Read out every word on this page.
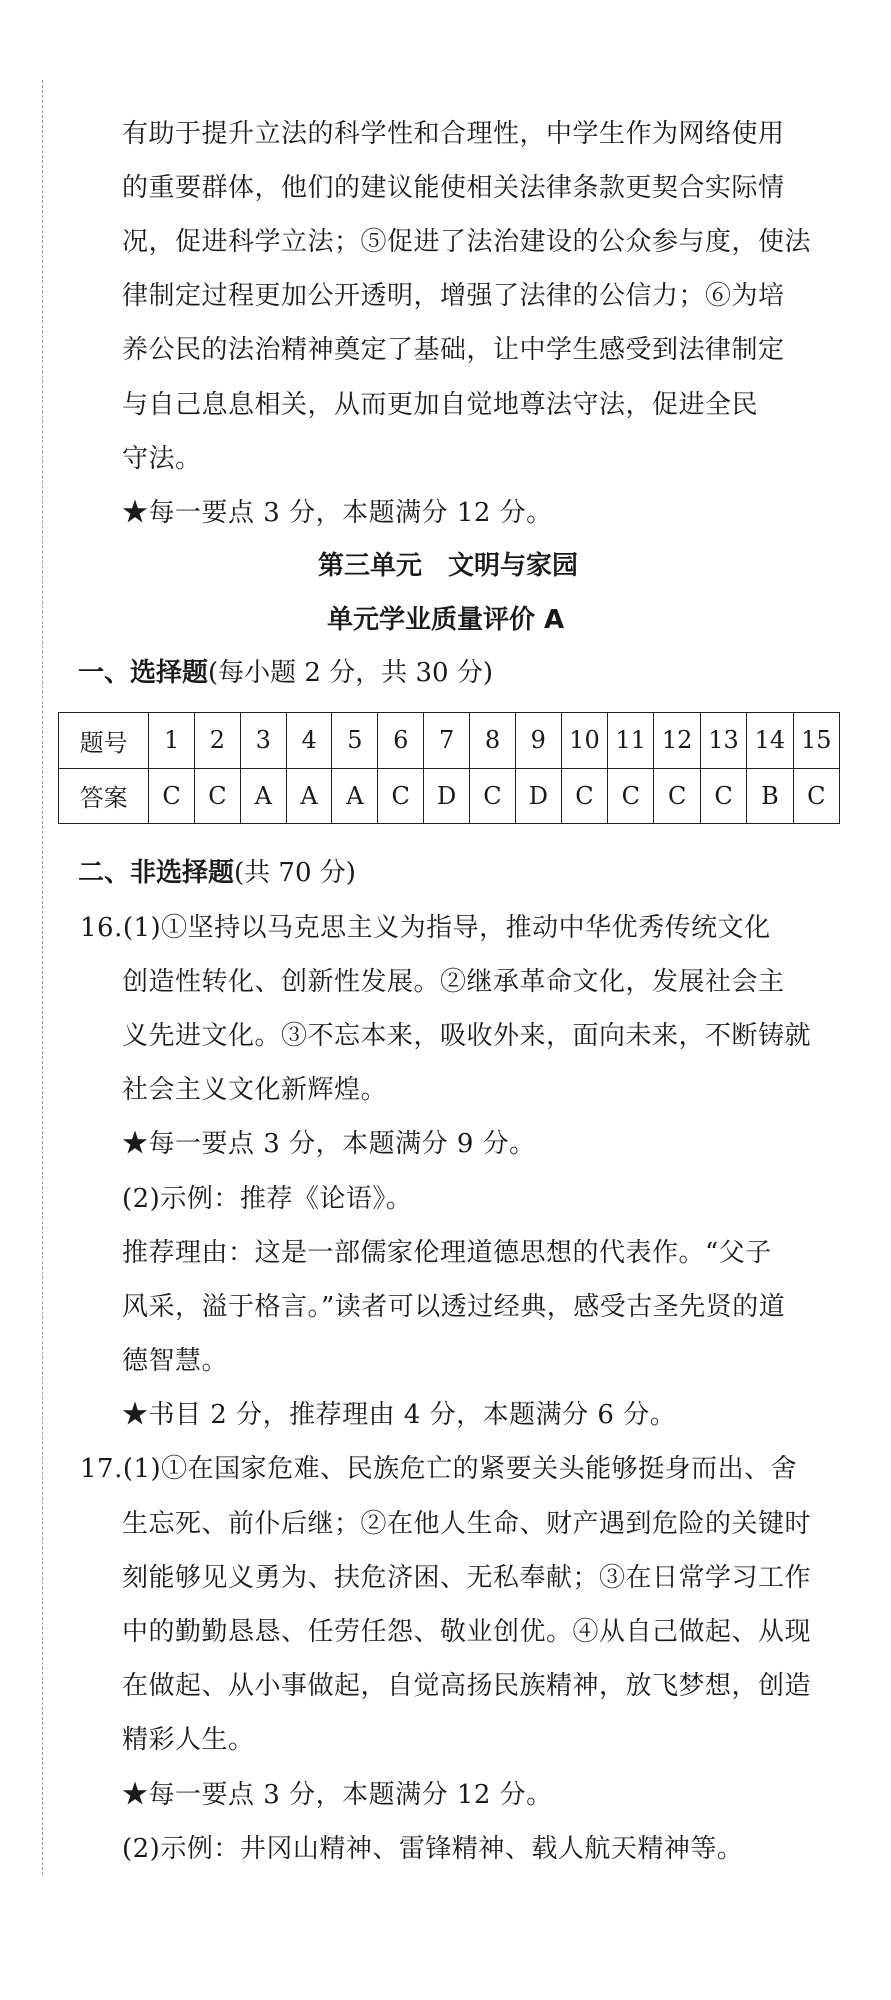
有助于提升立法的科学性和合理性，中学生作为网络使用
的重要群体，他们的建议能使相关法律条款更契合实际情
况，促进科学立法；⑤促进了法治建设的公众参与度，使法
律制定过程更加公开透明，增强了法律的公信力；⑥为培
养公民的法治精神奠定了基础，让中学生感受到法律制定
与自己息息相关，从而更加自觉地尊法守法，促进全民
守法。
★每一要点 3 分，本题满分 12 分。
第三单元　文明与家园
单元学业质量评价 A
一、选择题(每小题 2 分，共 30 分)
题号	1	2	3	4	5	6	7	8	9	10	11	12	13	14	15
答案	C	C	A	A	A	C	D	C	D	C	C	C	C	B	C
二、非选择题(共 70 分)
16.(1)①坚持以马克思主义为指导，推动中华优秀传统文化
创造性转化、创新性发展。②继承革命文化，发展社会主
义先进文化。③不忘本来，吸收外来，面向未来，不断铸就
社会主义文化新辉煌。
★每一要点 3 分，本题满分 9 分。
(2)示例：推荐《论语》。
推荐理由：这是一部儒家伦理道德思想的代表作。“父子
风采，溢于格言。”读者可以透过经典，感受古圣先贤的道
德智慧。
★书目 2 分，推荐理由 4 分，本题满分 6 分。
17.(1)①在国家危难、民族危亡的紧要关头能够挺身而出、舍
生忘死、前仆后继；②在他人生命、财产遇到危险的关键时
刻能够见义勇为、扶危济困、无私奉献；③在日常学习工作
中的勤勤恳恳、任劳任怨、敬业创优。④从自己做起、从现
在做起、从小事做起，自觉高扬民族精神，放飞梦想，创造
精彩人生。
★每一要点 3 分，本题满分 12 分。
(2)示例：井冈山精神、雷锋精神、载人航天精神等。
